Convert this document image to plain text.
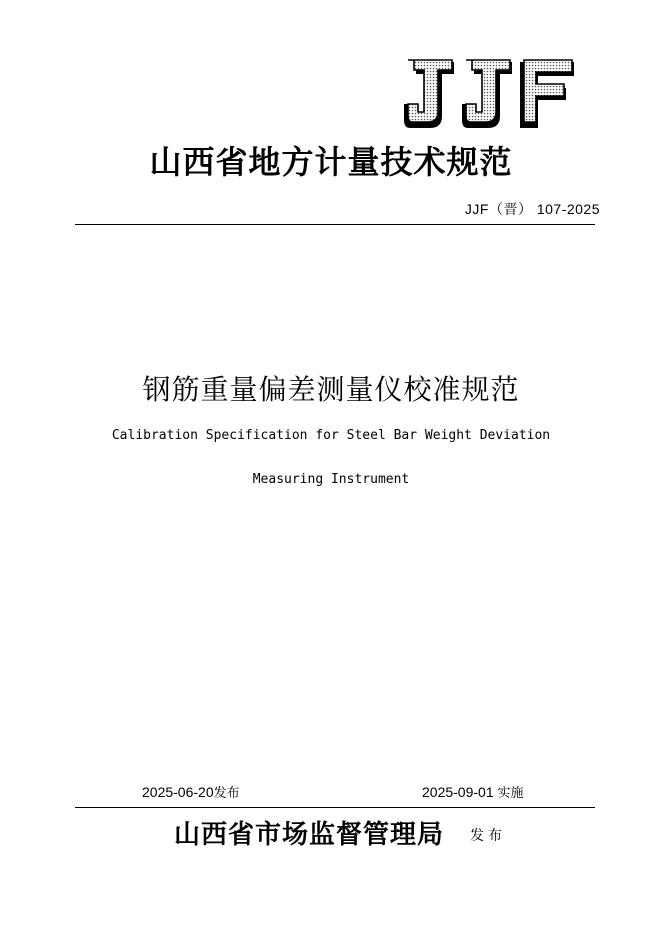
JJF
山西省地方计量技术规范
JJF（晋） 107-2025
钢筋重量偏差测量仪校准规范
Calibration Specification for Steel Bar Weight Deviation
Measuring Instrument
2025-06-20发布	2025-09-01 实施
山西省市场监督管理局 发布
